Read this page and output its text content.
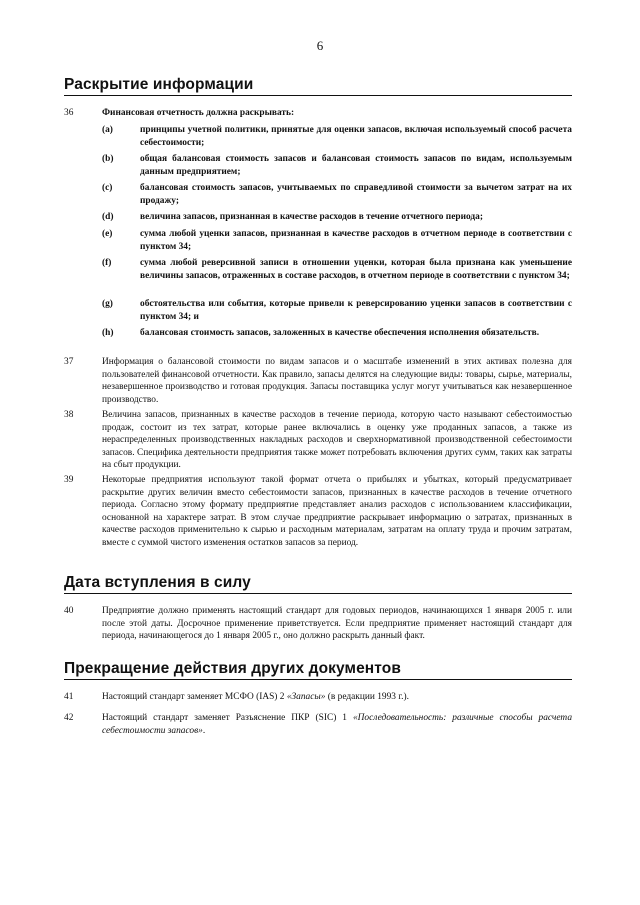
6
Раскрытие информации
36	Финансовая отчетность должна раскрывать:
(a)	принципы учетной политики, принятые для оценки запасов, включая используемый способ расчета себестоимости;
(b)	общая балансовая стоимость запасов и балансовая стоимость запасов по видам, используемым данным предприятием;
(c)	балансовая стоимость запасов, учитываемых по справедливой стоимости за вычетом затрат на их продажу;
(d)	величина запасов, признанная в качестве расходов в течение отчетного периода;
(e)	сумма любой уценки запасов, признанная в качестве расходов в отчетном периоде в соответствии с пунктом 34;
(f)	сумма любой реверсивной записи в отношении уценки, которая была признана как уменьшение величины запасов, отраженных в составе расходов, в отчетном периоде в соответствии с пунктом 34;
(g)	обстоятельства или события, которые привели к реверсированию уценки запасов в соответствии с пунктом 34; и
(h)	балансовая стоимость запасов, заложенных в качестве обеспечения исполнения обязательств.
37	Информация о балансовой стоимости по видам запасов и о масштабе изменений в этих активах полезна для пользователей финансовой отчетности. Как правило, запасы делятся на следующие виды: товары, сырье, материалы, незавершенное производство и готовая продукция. Запасы поставщика услуг могут учитываться как незавершенное производство.
38	Величина запасов, признанных в качестве расходов в течение периода, которую часто называют себестоимостью продаж, состоит из тех затрат, которые ранее включались в оценку уже проданных запасов, а также из нераспределенных производственных накладных расходов и сверхнормативной производственной себестоимости запасов. Специфика деятельности предприятия также может потребовать включения других сумм, таких как затраты на сбыт продукции.
39	Некоторые предприятия используют такой формат отчета о прибылях и убытках, который предусматривает раскрытие других величин вместо себестоимости запасов, признанных в качестве расходов в течение отчетного периода. Согласно этому формату предприятие представляет анализ расходов с использованием классификации, основанной на характере затрат. В этом случае предприятие раскрывает информацию о затратах, признанных в качестве расходов применительно к сырью и расходным материалам, затратам на оплату труда и прочим затратам, вместе с суммой чистого изменения остатков запасов за период.
Дата вступления в силу
40	Предприятие должно применять настоящий стандарт для годовых периодов, начинающихся 1 января 2005 г. или после этой даты. Досрочное применение приветствуется. Если предприятие применяет настоящий стандарт для периода, начинающегося до 1 января 2005 г., оно должно раскрыть данный факт.
Прекращение действия других документов
41	Настоящий стандарт заменяет МСФО (IAS) 2 «Запасы» (в редакции 1993 г.).
42	Настоящий стандарт заменяет Разъяснение ПКР (SIC) 1 «Последовательность: различные способы расчета себестоимости запасов».
